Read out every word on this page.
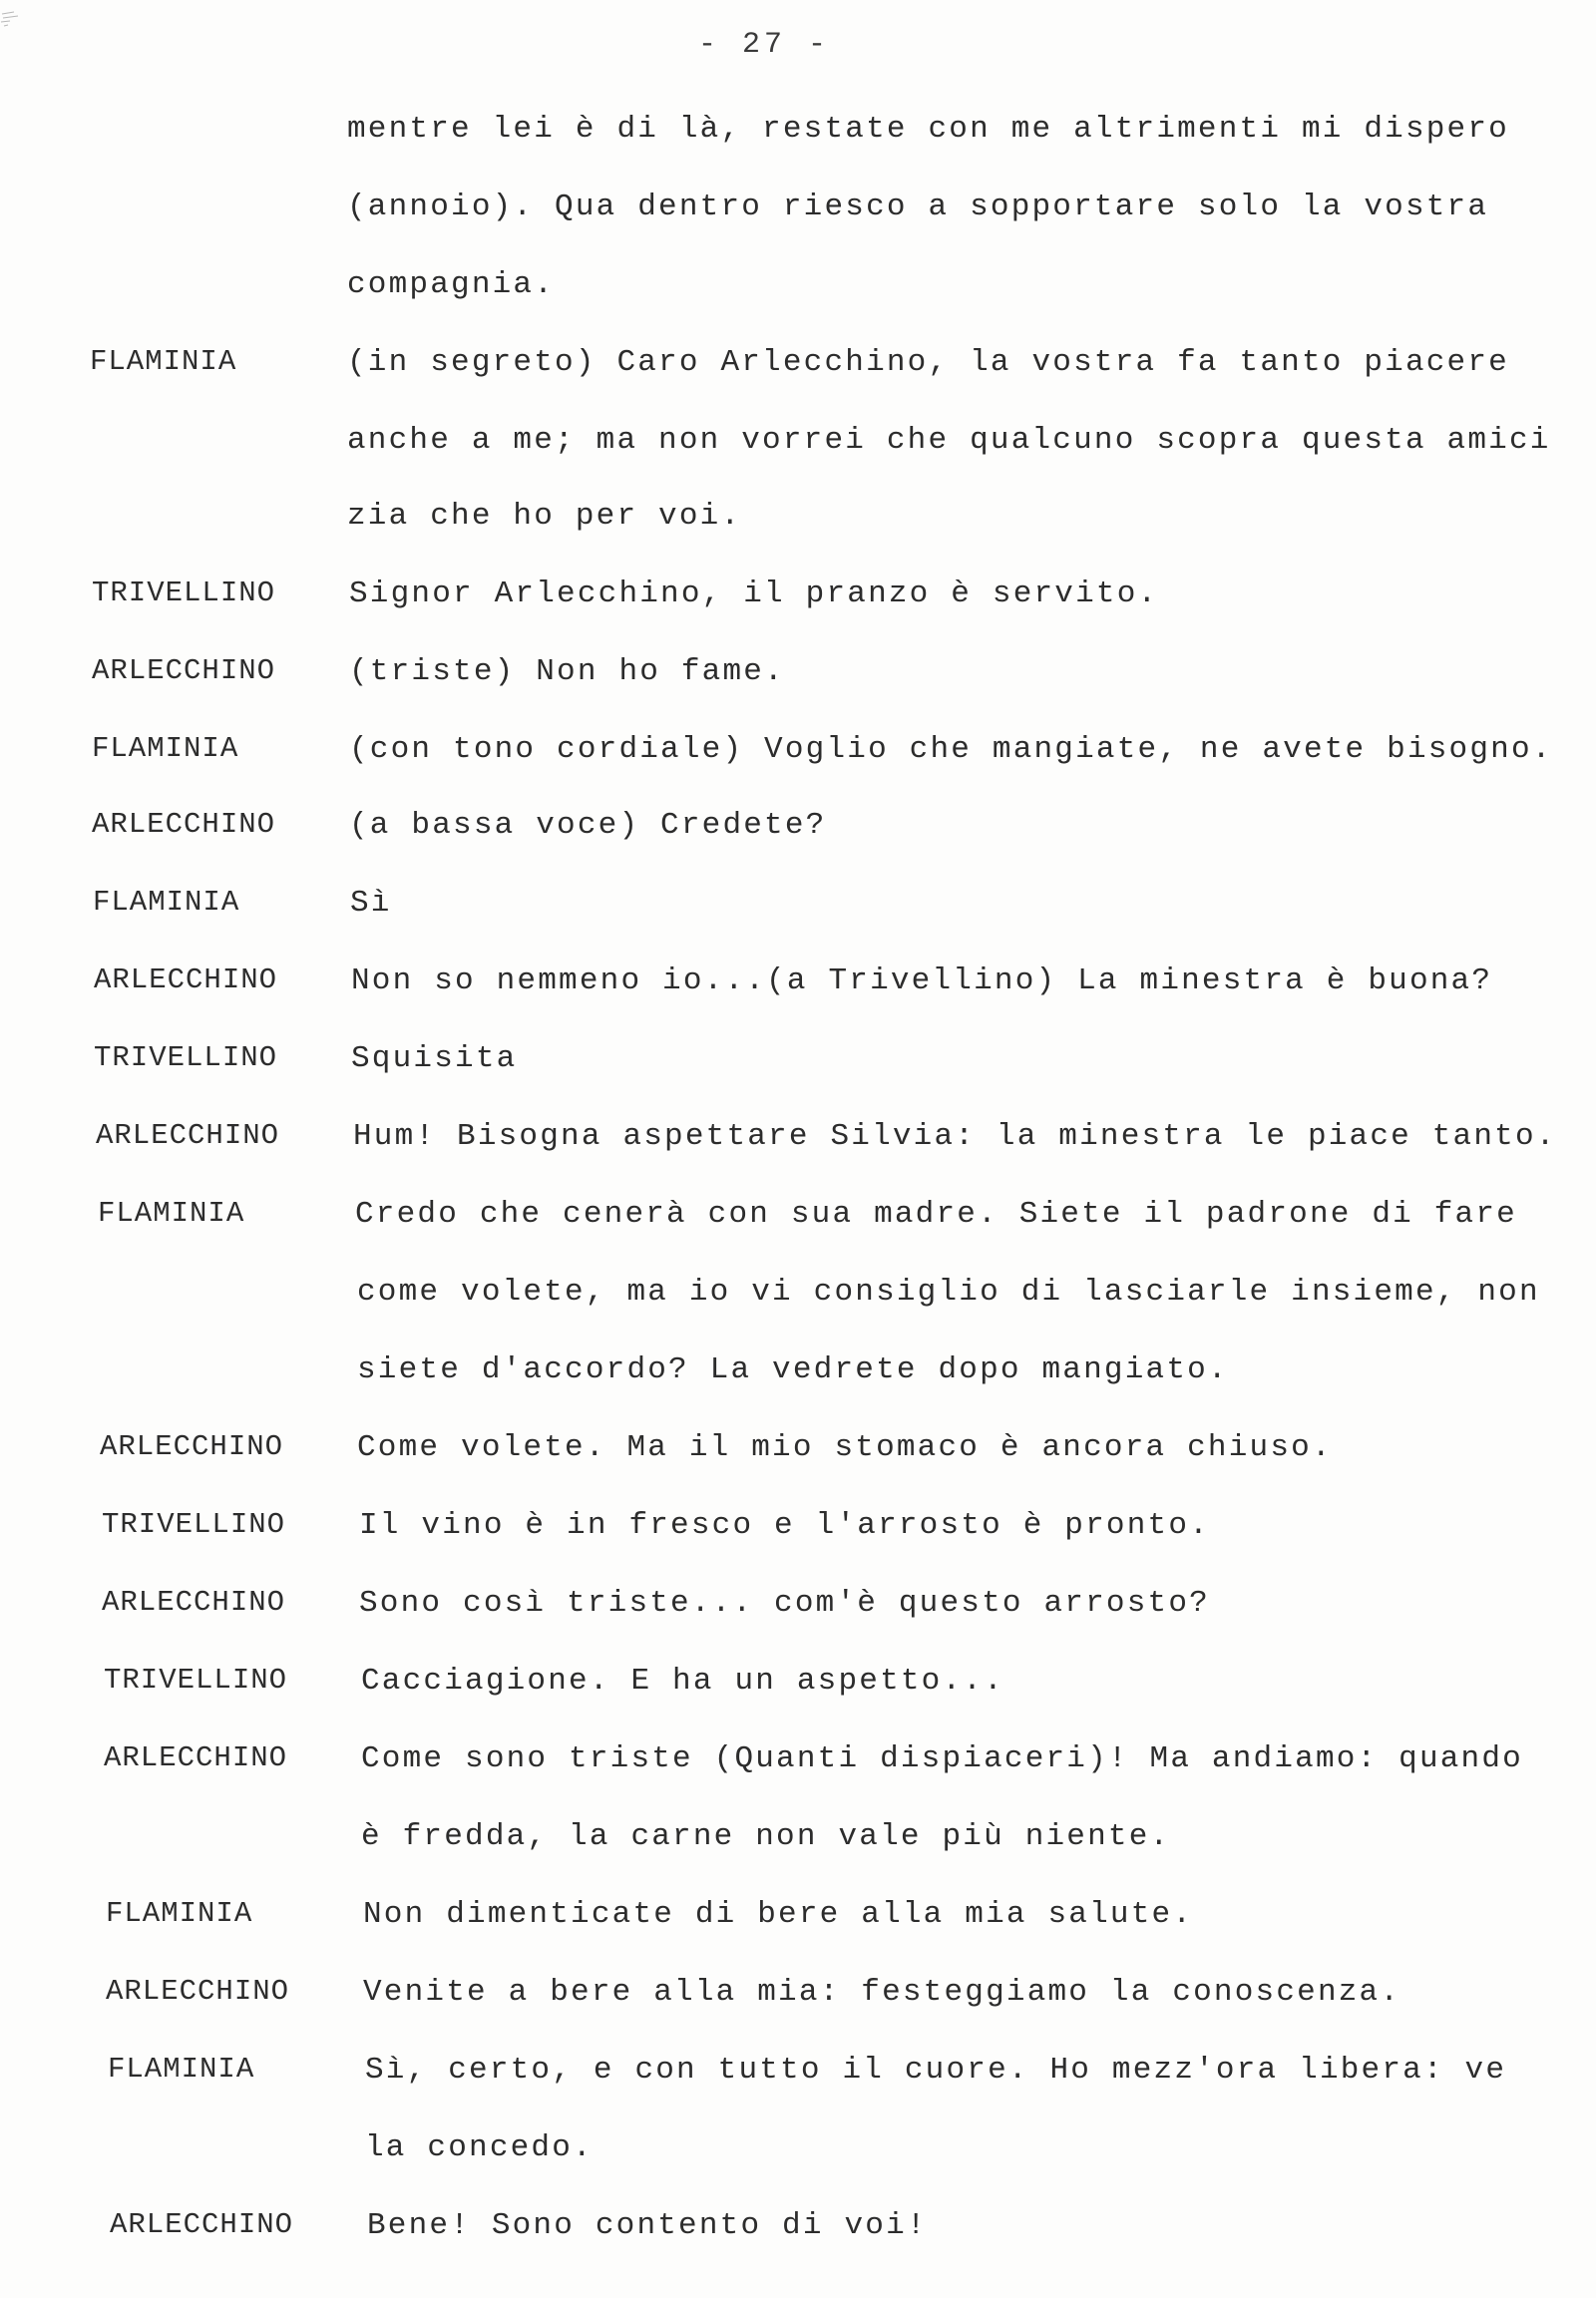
- 27 -
mentre lei è di là, restate con me altrimenti mi dispero
(annoio). Qua dentro riesco a sopportare solo la vostra
compagnia.
FLAMINIA	(in segreto) Caro Arlecchino, la vostra fa tanto piacere
anche a me; ma non vorrei che qualcuno scopra questa amici
zia che ho per voi.
TRIVELLINO Signor Arlecchino, il pranzo è servito.
ARLECCHINO (triste) Non ho fame.
FLAMINIA	(con tono cordiale) Voglio che mangiate, ne avete bisogno.
ARLECCHINO (a bassa voce) Credete?
FLAMINIA	Sì
ARLECCHINO Non so nemmeno io...(a Trivellino) La minestra è buona?
TRIVELLINO Squisita
ARLECCHINO Hum! Bisogna aspettare Silvia: la minestra le piace tanto.
FLAMINIA	Credo che cenerà con sua madre. Siete il padrone di fare
come volete, ma io vi consiglio di lasciarle insieme, non
siete d'accordo? La vedrete dopo mangiato.
ARLECCHINO Come volete. Ma il mio stomaco è ancora chiuso.
TRIVELLINO Il vino è in fresco e l'arrosto è pronto.
ARLECCHINO Sono così triste... com'è questo arrosto?
TRIVELLINO Cacciagione. E ha un aspetto...
ARLECCHINO Come sono triste (Quanti dispiaceri)! Ma andiamo: quando
è fredda, la carne non vale più niente.
FLAMINIA	Non dimenticate di bere alla mia salute.
ARLECCHINO Venite a bere alla mia: festeggiamo la conoscenza.
FLAMINIA	Sì, certo, e con tutto il cuore. Ho mezz'ora libera: ve
la concedo.
ARLECCHINO Bene! Sono contento di voi!
